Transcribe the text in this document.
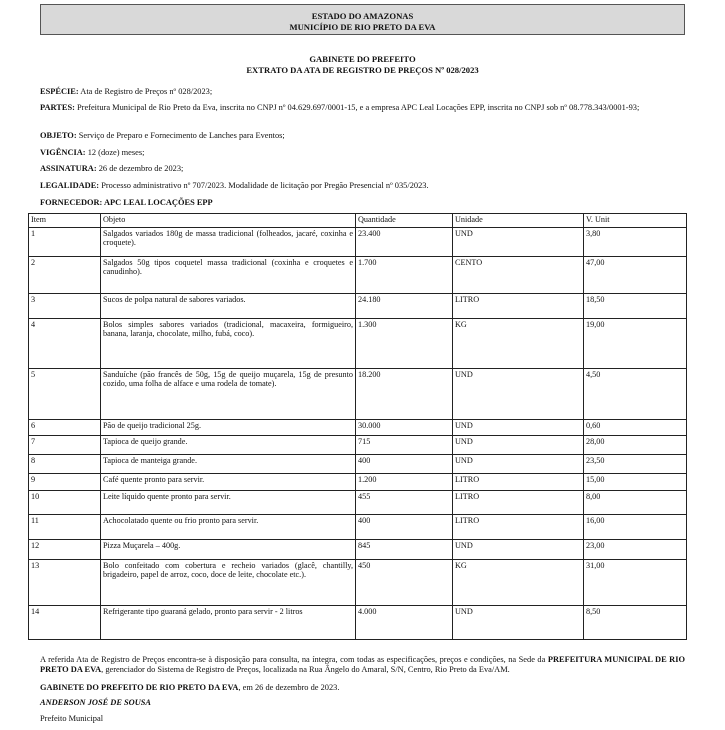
ESTADO DO AMAZONAS
MUNICÍPIO DE RIO PRETO DA EVA
GABINETE DO PREFEITO
EXTRATO DA ATA DE REGISTRO DE PREÇOS Nº 028/2023
ESPÉCIE: Ata de Registro de Preços nº 028/2023;
PARTES: Prefeitura Municipal de Rio Preto da Eva, inscrita no CNPJ nº 04.629.697/0001-15, e a empresa APC Leal Locações EPP, inscrita no CNPJ sob nº 08.778.343/0001-93;
OBJETO: Serviço de Preparo e Fornecimento de Lanches para Eventos;
VIGÊNCIA: 12 (doze) meses;
ASSINATURA: 26 de dezembro de 2023;
LEGALIDADE: Processo administrativo nº 707/2023. Modalidade de licitação por Pregão Presencial nº 035/2023.
FORNECEDOR: APC LEAL LOCAÇÕES EPP
Item	Objeto	Quantidade	Unidade	V. Unit
1	Salgados variados 180g de massa tradicional (folheados, jacaré, coxinha e croquete).	23.400	UND	3,80
2	Salgados 50g tipos coquetel massa tradicional (coxinha e croquetes e canudinho).	1.700	CENTO	47,00
3	Sucos de polpa natural de sabores variados.	24.180	LITRO	18,50
4	Bolos simples sabores variados (tradicional, macaxeira, formigueiro, banana, laranja, chocolate, milho, fubá, coco).	1.300	KG	19,00
5	Sanduíche (pão francês de 50g, 15g de queijo muçarela, 15g de presunto cozido, uma folha de alface e uma rodela de tomate).	18.200	UND	4,50
6	Pão de queijo tradicional 25g.	30.000	UND	0,60
7	Tapioca de queijo grande.	715	UND	28,00
8	Tapioca de manteiga grande.	400	UND	23,50
9	Café quente pronto para servir.	1.200	LITRO	15,00
10	Leite líquido quente pronto para servir.	455	LITRO	8,00
11	Achocolatado quente ou frio pronto para servir.	400	LITRO	16,00
12	Pizza Muçarela – 400g.	845	UND	23,00
13	Bolo confeitado com cobertura e recheio variados (glacê, chantilly, brigadeiro, papel de arroz, coco, doce de leite, chocolate etc.).	450	KG	31,00
14	Refrigerante tipo guaraná gelado, pronto para servir - 2 litros	4.000	UND	8,50
A referida Ata de Registro de Preços encontra-se à disposição para consulta, na íntegra, com todas as especificações, preços e condições, na Sede da PREFEITURA MUNICIPAL DE RIO PRETO DA EVA, gerenciador do Sistema de Registro de Preços, localizada na Rua Ângelo do Amaral, S/N, Centro, Rio Preto da Eva/AM.
GABINETE DO PREFEITO DE RIO PRETO DA EVA, em 26 de dezembro de 2023.
ANDERSON JOSÉ DE SOUSA
Prefeito Municipal
